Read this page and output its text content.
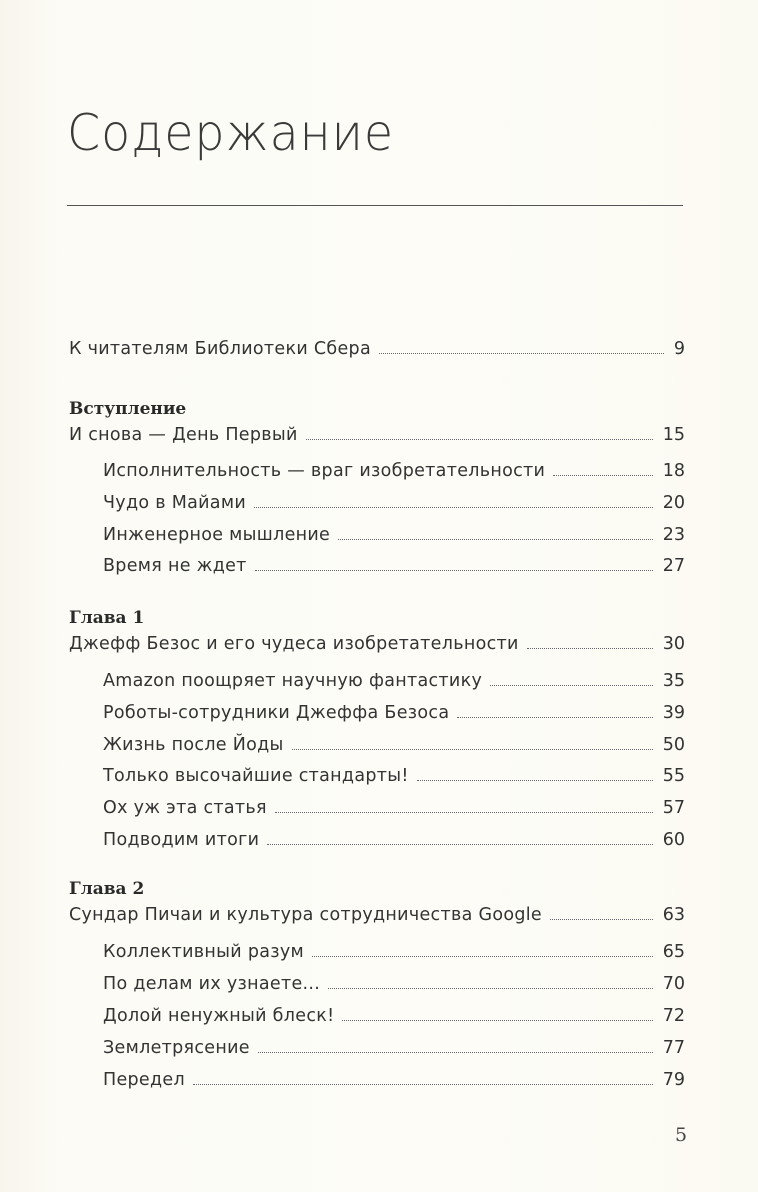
Содержание
К читателям Библиотеки Сбера	9
Вступление
И снова — День Первый	15
Исполнительность — враг изобретательности	18
Чудо в Майами	20
Инженерное мышление	23
Время не ждет	27
Глава 1
Джефф Безос и его чудеса изобретательности	30
Amazon поощряет научную фантастику	35
Роботы-сотрудники Джеффа Безоса	39
Жизнь после Йоды	50
Только высочайшие стандарты!	55
Ох уж эта статья	57
Подводим итоги	60
Глава 2
Сундар Пичаи и культура сотрудничества Google	63
Коллективный разум	65
По делам их узнаете...	70
Долой ненужный блеск!	72
Землетрясение	77
Передел	79
5
